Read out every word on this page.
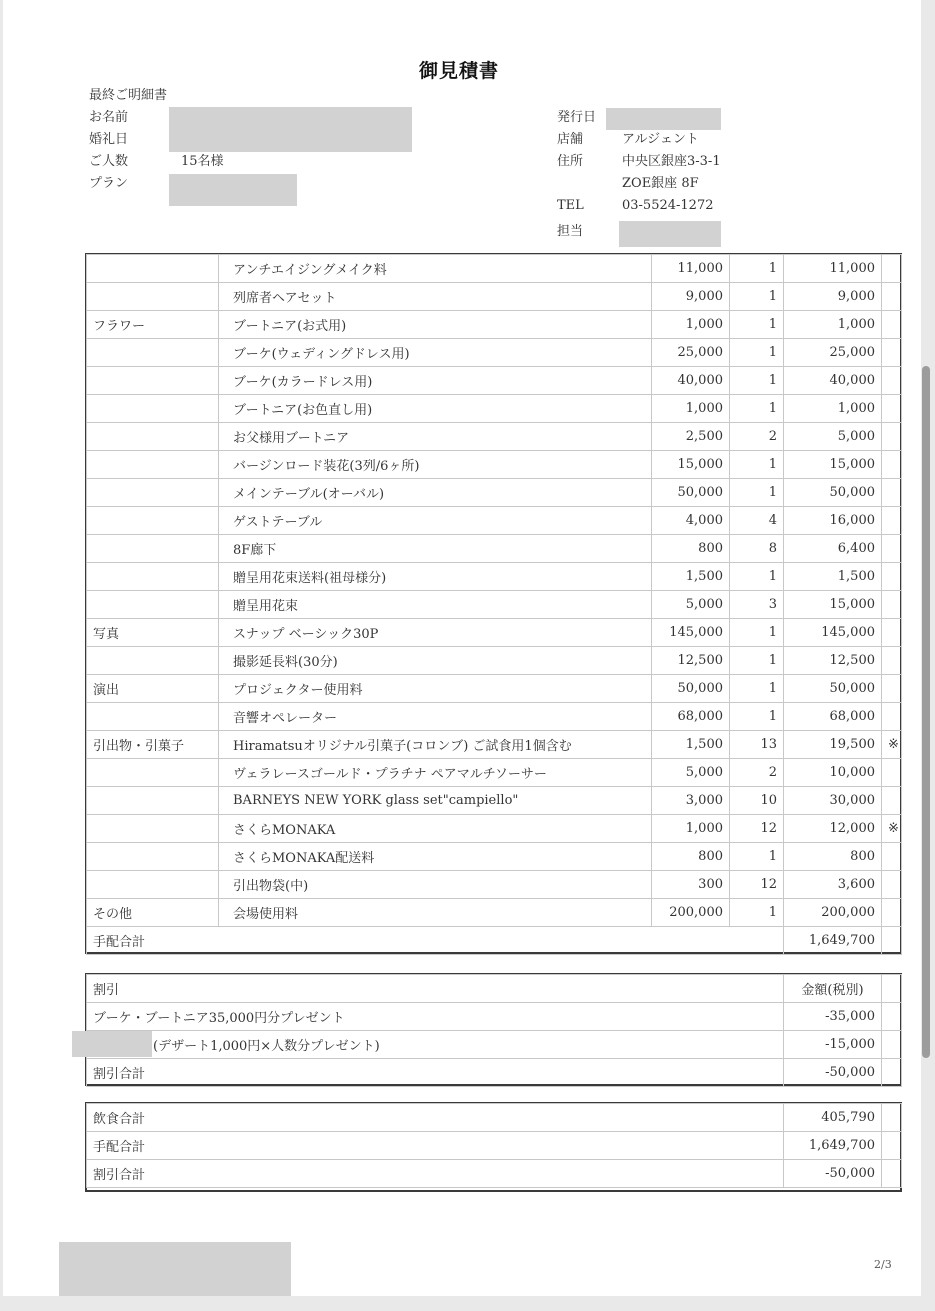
御見積書
最終ご明細書
お名前
婚礼日
ご人数	15名様
プラン
発行日
店舗	アルジェント
住所	中央区銀座3-3-1
ZOE銀座 8F
TEL	03-5524-1272
担当
	アンチエイジングメイク料	11,000	1	11,000	
	列席者ヘアセット	9,000	1	9,000	
フラワー	ブートニア(お式用)	1,000	1	1,000	
	ブーケ(ウェディングドレス用)	25,000	1	25,000	
	ブーケ(カラードレス用)	40,000	1	40,000	
	ブートニア(お色直し用)	1,000	1	1,000	
	お父様用ブートニア	2,500	2	5,000	
	バージンロード装花(3列/6ヶ所)	15,000	1	15,000	
	メインテーブル(オーバル)	50,000	1	50,000	
	ゲストテーブル	4,000	4	16,000	
	8F廊下	800	8	6,400	
	贈呈用花束送料(祖母様分)	1,500	1	1,500	
	贈呈用花束	5,000	3	15,000	
写真	スナップ ベーシック30P	145,000	1	145,000	
	撮影延長料(30分)	12,500	1	12,500	
演出	プロジェクター使用料	50,000	1	50,000	
	音響オペレーター	68,000	1	68,000	
引出物・引菓子	Hiramatsuオリジナル引菓子(コロンブ) ご試食用1個含む	1,500	13	19,500	※
	ヴェラレースゴールド・プラチナ ペアマルチソーサー	5,000	2	10,000	
	BARNEYS NEW YORK glass set"campiello"	3,000	10	30,000	
	さくらMONAKA	1,000	12	12,000	※
	さくらMONAKA配送料	800	1	800	
	引出物袋(中)	300	12	3,600	
その他	会場使用料	200,000	1	200,000	
手配合計				1,649,700	
割引	金額(税別)	
ブーケ・ブートニア35,000円分プレゼント	-35,000	
(デザート1,000円×人数分プレゼント)	-15,000	
割引合計	-50,000	
飲食合計	405,790	
手配合計	1,649,700	
割引合計	-50,000	
2/3
